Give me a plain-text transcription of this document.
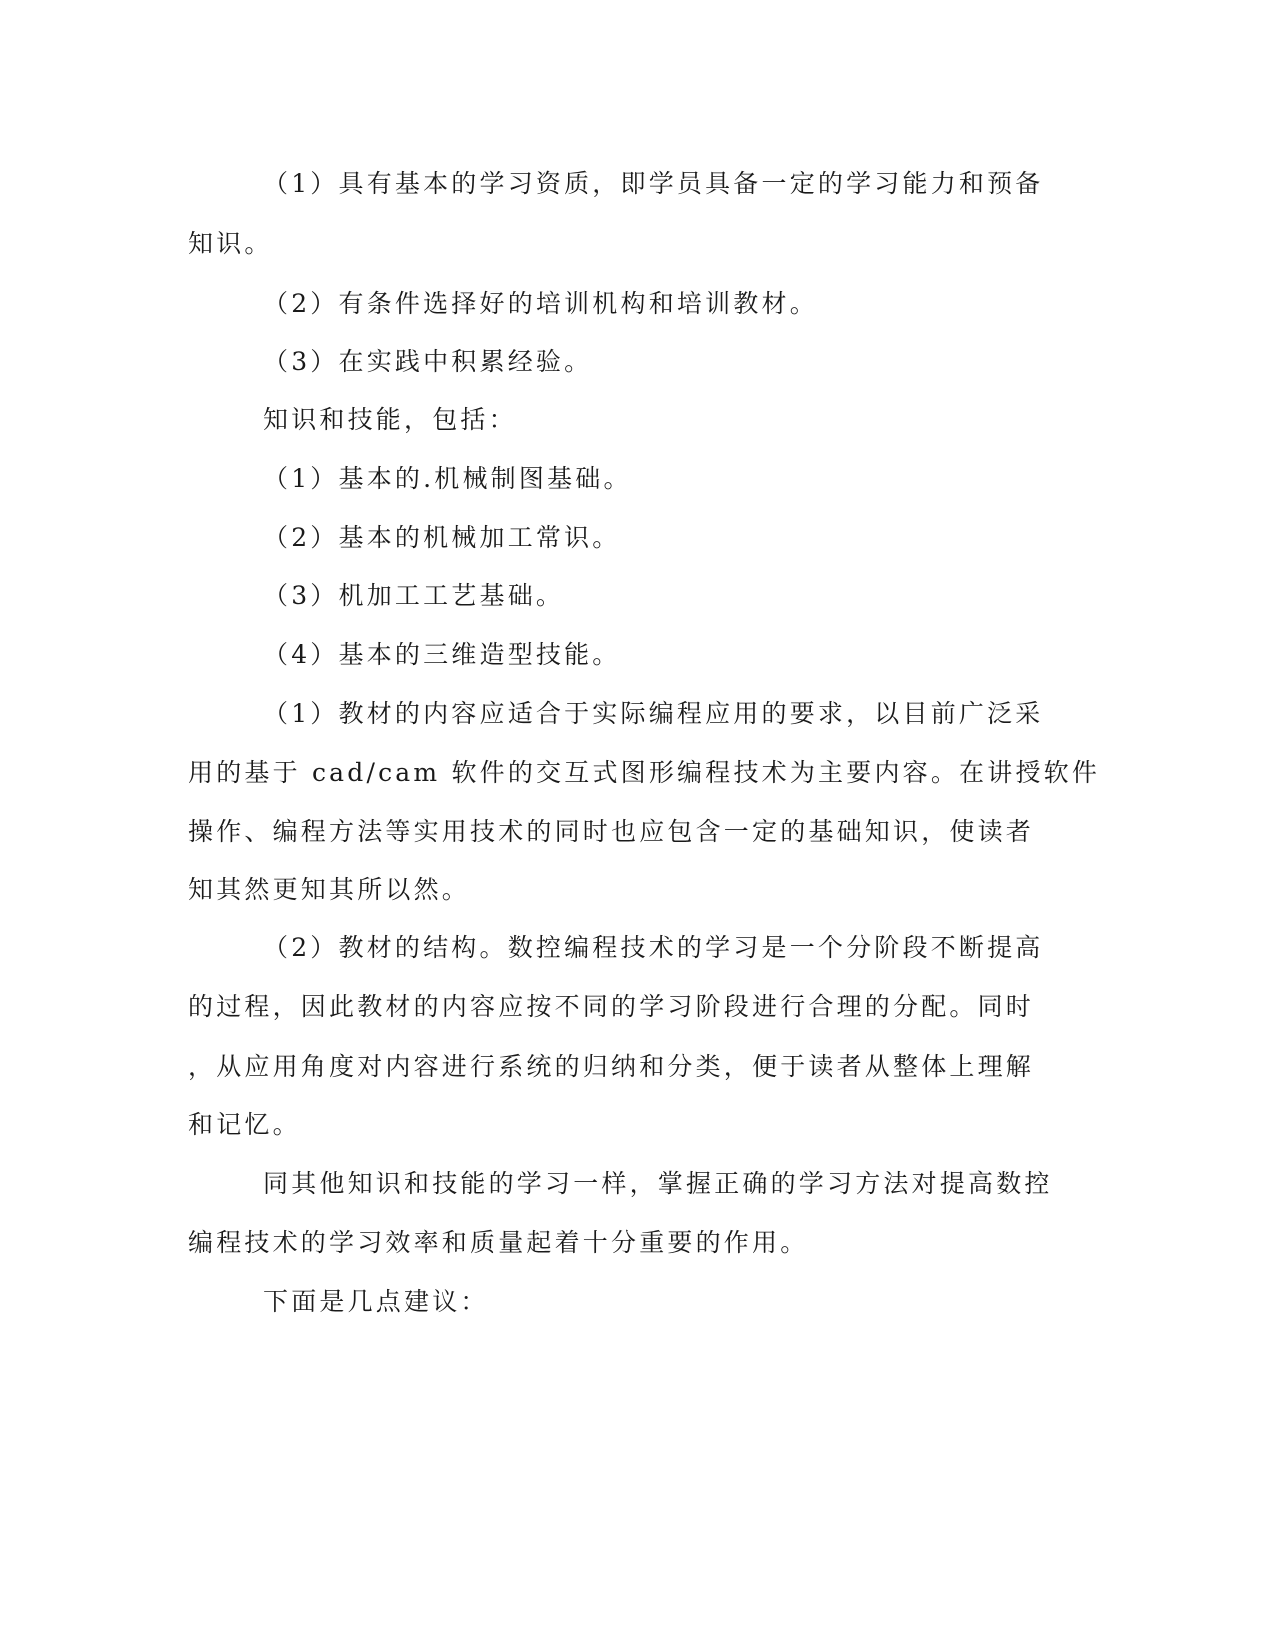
（1）具有基本的学习资质，即学员具备一定的学习能力和预备
知识。
（2）有条件选择好的培训机构和培训教材。
（3）在实践中积累经验。
知识和技能，包括：
（1）基本的.机械制图基础。
（2）基本的机械加工常识。
（3）机加工工艺基础。
（4）基本的三维造型技能。
（1）教材的内容应适合于实际编程应用的要求，以目前广泛采
用的基于 cad/cam 软件的交互式图形编程技术为主要内容。在讲授软件
操作、编程方法等实用技术的同时也应包含一定的基础知识，使读者
知其然更知其所以然。
（2）教材的结构。数控编程技术的学习是一个分阶段不断提高
的过程，因此教材的内容应按不同的学习阶段进行合理的分配。同时
，从应用角度对内容进行系统的归纳和分类，便于读者从整体上理解
和记忆。
同其他知识和技能的学习一样，掌握正确的学习方法对提高数控
编程技术的学习效率和质量起着十分重要的作用。
下面是几点建议：
